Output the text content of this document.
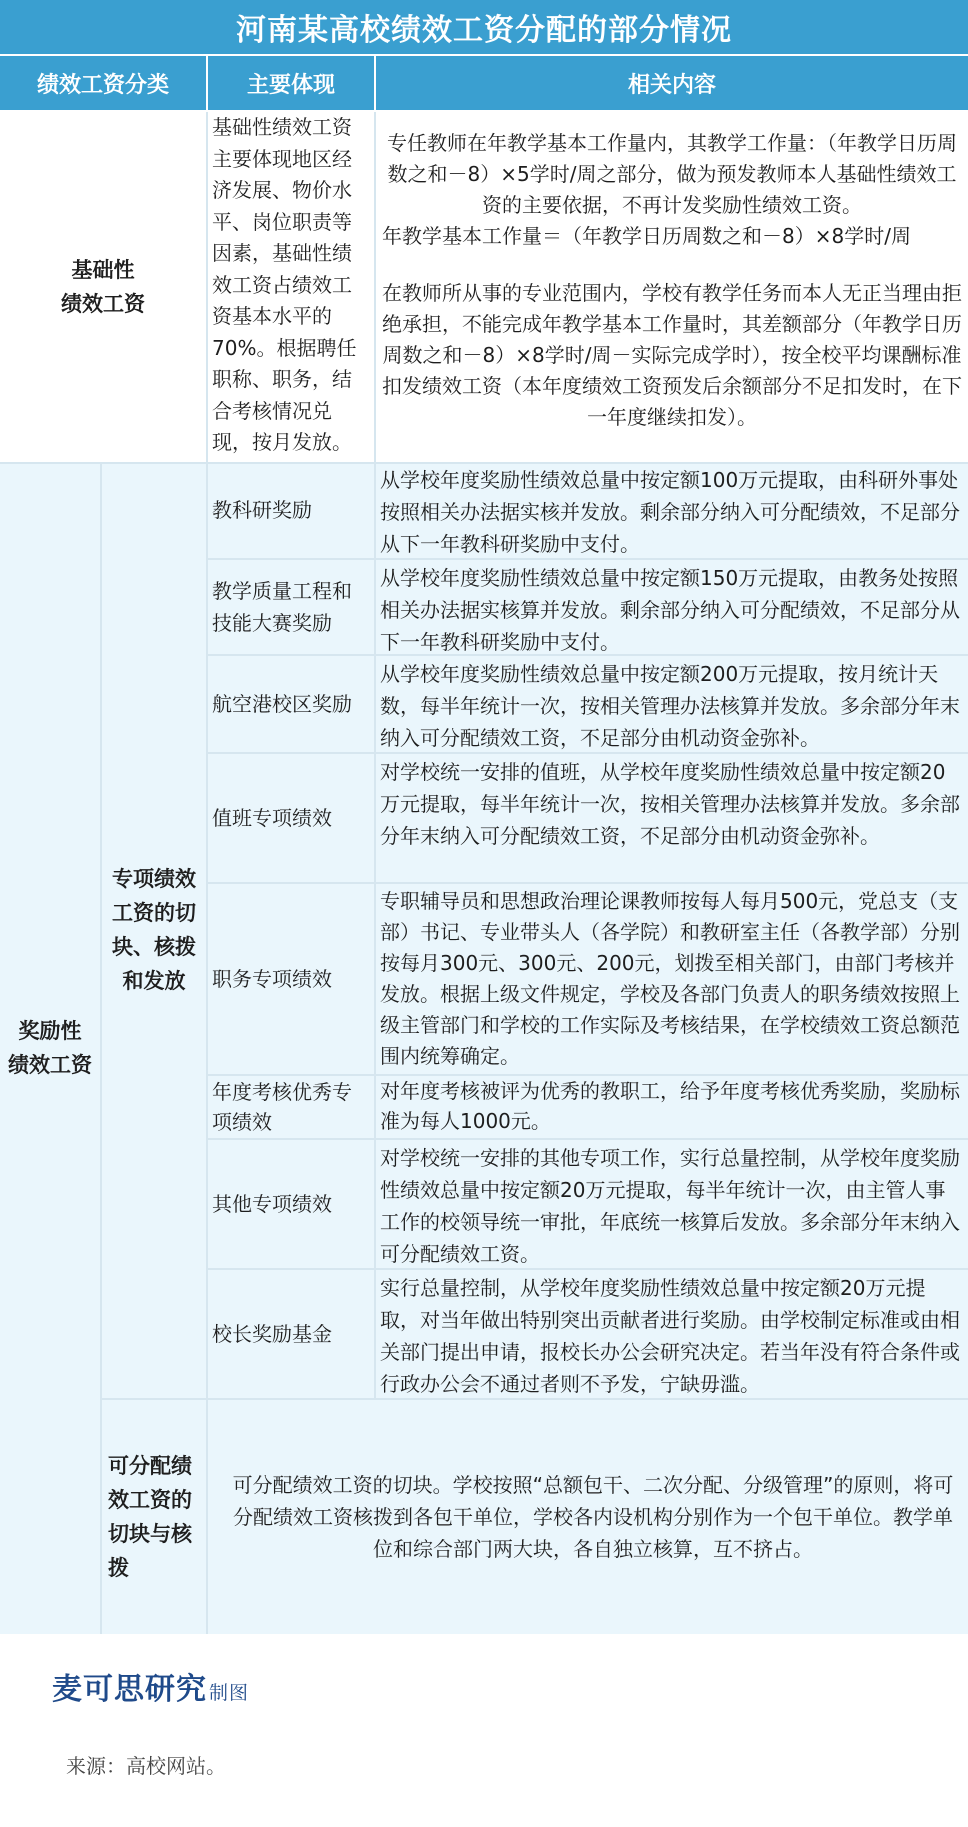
河南某高校绩效工资分配的部分情况
绩效工资分类	主要体现	相关内容
基础性
绩效工资
基础性绩效工资主要体现地区经济发展、物价水平、岗位职责等因素，基础性绩效工资占绩效工资基本水平的70%。根据聘任职称、职务，结合考核情况兑现，按月发放。
专任教师在年教学基本工作量内，其教学工作量：（年教学日历周数之和－8）×5学时/周之部分，做为预发教师本人基础性绩效工资的主要依据，不再计发奖励性绩效工资。
年教学基本工作量＝（年教学日历周数之和－8）×8学时/周
在教师所从事的专业范围内，学校有教学任务而本人无正当理由拒绝承担，不能完成年教学基本工作量时，其差额部分（年教学日历周数之和－8）×8学时/周－实际完成学时），按全校平均课酬标准扣发绩效工资（本年度绩效工资预发后余额部分不足扣发时，在下一年度继续扣发）。
奖励性
绩效工资
专项绩效工资的切块、核拨和发放
教科研奖励
从学校年度奖励性绩效总量中按定额100万元提取，由科研外事处按照相关办法据实核并发放。剩余部分纳入可分配绩效，不足部分从下一年教科研奖励中支付。
教学质量工程和技能大赛奖励
从学校年度奖励性绩效总量中按定额150万元提取，由教务处按照相关办法据实核算并发放。剩余部分纳入可分配绩效，不足部分从下一年教科研奖励中支付。
航空港校区奖励
从学校年度奖励性绩效总量中按定额200万元提取，按月统计天数，每半年统计一次，按相关管理办法核算并发放。多余部分年末纳入可分配绩效工资，不足部分由机动资金弥补。
值班专项绩效
对学校统一安排的值班，从学校年度奖励性绩效总量中按定额20万元提取，每半年统计一次，按相关管理办法核算并发放。多余部分年末纳入可分配绩效工资，不足部分由机动资金弥补。
职务专项绩效
专职辅导员和思想政治理论课教师按每人每月500元，党总支（支部）书记、专业带头人（各学院）和教研室主任（各教学部）分别按每月300元、300元、200元，划拨至相关部门，由部门考核并发放。根据上级文件规定，学校及各部门负责人的职务绩效按照上级主管部门和学校的工作实际及考核结果，在学校绩效工资总额范围内统筹确定。
年度考核优秀专项绩效
对年度考核被评为优秀的教职工，给予年度考核优秀奖励，奖励标准为每人1000元。
其他专项绩效
对学校统一安排的其他专项工作，实行总量控制，从学校年度奖励性绩效总量中按定额20万元提取，每半年统计一次，由主管人事工作的校领导统一审批，年底统一核算后发放。多余部分年末纳入可分配绩效工资。
校长奖励基金
实行总量控制，从学校年度奖励性绩效总量中按定额20万元提取，对当年做出特别突出贡献者进行奖励。由学校制定标准或由相关部门提出申请，报校长办公会研究决定。若当年没有符合条件或行政办公会不通过者则不予发，宁缺毋滥。
可分配绩效工资的切块与核拨
可分配绩效工资的切块。学校按照“总额包干、二次分配、分级管理”的原则，将可分配绩效工资核拨到各包干单位，学校各内设机构分别作为一个包干单位。教学单位和综合部门两大块，各自独立核算，互不挤占。
麦可思研究 制图
来源：高校网站。
